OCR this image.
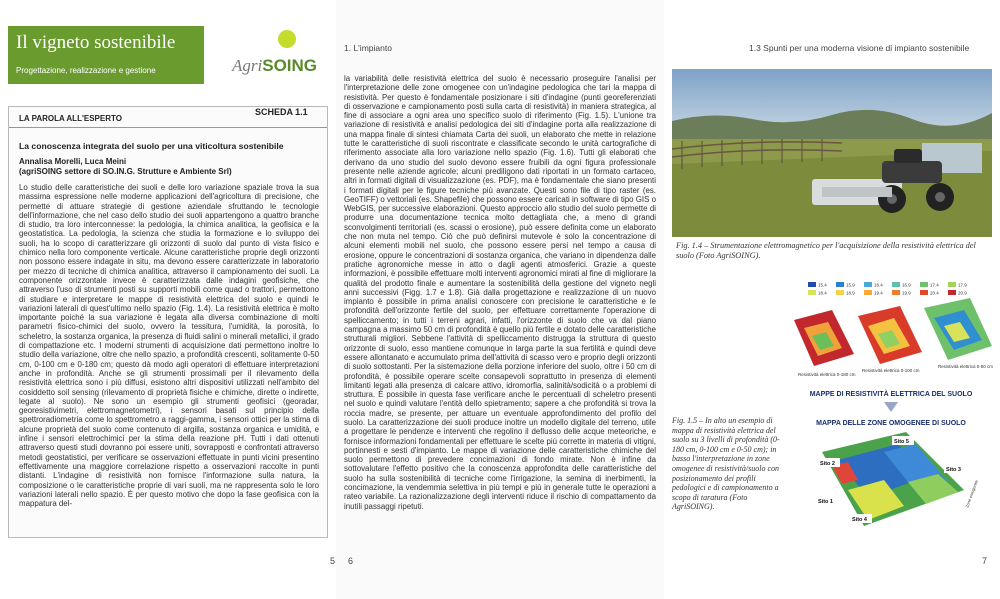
Il vigneto sostenibile
Progettazione, realizzazione e gestione	AgriSOING
LA PAROLA ALL'ESPERTO
SCHEDA 1.1
La conoscenza integrata del suolo per una viticoltura sostenibile
Annalisa Morelli, Luca Meini
(agriSOING settore di SO.IN.G. Strutture e Ambiente Srl)
Lo studio delle caratteristiche dei suoli e delle loro variazione spaziale trova la sua massima espressione nelle moderne applicazioni dell'agricoltura di precisione, che permette di attuare strategie di gestione aziendale sfruttando le tecnologie dell'informazione, che nel caso dello studio dei suoli appartengono a quattro branche di studio, tra loro interconnesse: la pedologia, la chimica analitica, la geofisica e la geostatistica. La pedologia, la scienza che studia la formazione e lo sviluppo dei suoli, ha lo scopo di caratterizzare gli orizzonti di suolo dal punto di vista fisico e chimico nella loro componente verticale. Alcune caratteristiche proprie degli orizzonti non possono essere indagate in situ, ma devono essere caratterizzate in laboratorio per mezzo di tecniche di chimica analitica, attraverso il campionamento dei suoli. La componente orizzontale invece è caratterizzata dalle indagini geofisiche, che attraverso l'uso di strumenti posti su supporti mobili come quad o trattori, permettono di studiare e interpretare le mappe di resistività elettrica del suolo e quindi le variazioni laterali di quest'ultimo nello spazio (Fig. 1.4). La resistività elettrica è molto importante poiché la sua variazione è legata alla diversa combinazione di molti parametri fisico-chimici del suolo, ovvero la tessitura, l'umidità, la porosità, lo scheletro, la sostanza organica, la presenza di fluidi salini o minerali metallici, il grado di compattazione etc. I moderni strumenti di acquisizione dati permettono inoltre lo studio della variazione, oltre che nello spazio, a profondità crescenti, solitamente 0-50 cm, 0-100 cm e 0-180 cm; questo dà modo agli operatori di effettuare interpretazioni anche in profondità. Anche se gli strumenti prossimali per il rilevamento della resistività elettrica sono i più diffusi, esistono altri dispositivi utilizzati nell'ambito del cosiddetto soil sensing (rilevamento di proprietà fisiche e chimiche, dirette o indirette, legate al suolo). Ne sono un esempio gli strumenti geofisici (georadar, georesistivimetri, elettromagnetometri), i sensori basati sul principio della spettroradiometria come lo spettrometro a raggi-gamma, i sensori ottici per la stima di alcune proprietà del suolo come contenuto di argilla, sostanza organica e umidità, e infine i sensori elettrochimici per la stima della reazione pH. Tutti i dati ottenuti attraverso questi studi dovranno poi essere uniti, sovrapposti e confrontati attraverso metodi geostatistici, per verificare se osservazioni effettuate in punti vicini presentino effettivamente una maggiore correlazione rispetto a osservazioni raccolte in punti distanti. L'indagine di resistività non fornisce l'informazione sulla natura, la composizione o le caratteristiche proprie di vari suoli, ma ne rappresenta solo le loro variazioni laterali nello spazio. È per questo motivo che dopo la fase geofisica con la mappatura del-
5
1. L'impianto
la variabilità delle resistività elettrica del suolo è necessario proseguire l'analisi per l'interpretazione delle zone omogenee con un'indagine pedologica che tari la mappa di resistività. Per questo è fondamentale posizionare i siti d'indagine (punti georeferenziati di osservazione e campionamento posti sulla carta di resistività) in maniera strategica, al fine di associare a ogni area uno specifico suolo di riferimento (Fig. 1.5). L'unione tra variazione di resistività e analisi pedologica dei siti d'indagine porta alla realizzazione di una mappa finale di sintesi chiamata Carta dei suoli, un elaborato che mette in relazione tutte le caratteristiche di suoli riscontrate e classificate secondo le unità cartografiche di riferimento associate alla loro variazione nello spazio (Fig. 1.6). Tutti gli elaborati che derivano da uno studio del suolo devono essere fruibili da ogni figura professionale presente nelle aziende agricole; alcuni prediligono dati riportati in un formato cartaceo, altri in formati digitali di visualizzazione (es. PDF), ma è fondamentale che siano presenti i formati digitali per le figure tecniche più avanzate. Questi sono file di tipo raster (es. GeoTIFF) o vettoriali (es. Shapefile) che possono essere caricati in software di tipo GIS o WebGIS, per successive elaborazioni. Questo approccio allo studio del suolo permette di produrre una documentazione tecnica molto dettagliata che, a meno di grandi sconvolgimenti territoriali (es. scassi o erosione), può essere definita come un elaborato che non muta nel tempo. Ciò che può definirsi mutevole è solo la concentrazione di alcuni elementi mobili nel suolo, che possono essere persi nel tempo a causa di erosione, oppure le concentrazioni di sostanza organica, che variano in dipendenza dalle pratiche agronomiche messe in atto o dagli agenti atmosferici. Grazie a queste informazioni, è possibile effettuare molti interventi agronomici mirati al fine di migliorare la qualità del prodotto finale e aumentare la sostenibilità della gestione del vigneto negli anni successivi (Figg. 1.7 e 1.8). Già dalla progettazione e realizzazione di un nuovo impianto è possibile in prima analisi conoscere con precisione le caratteristiche e le profondità dell'orizzonte fertile del suolo, per effettuare correttamente l'operazione di spelliccamento; in tutti i terreni agrari, infatti, l'orizzonte di suolo che va dal piano campagna a massimo 50 cm di profondità è quello più fertile e dotato delle caratteristiche strutturali migliori. Sebbene l'attività di spelliccamento distrugga la struttura di questo orizzonte di suolo, esso mantiene comunque in larga parte la sua fertilità e quindi deve essere allontanato e accumulato prima dell'attività di scasso vero e proprio degli orizzonti di suolo sottostanti. Per la sistemazione della porzione inferiore del suolo, oltre i 50 cm di profondità, è possibile operare scelte consapevoli soprattutto in presenza di elementi limitanti legati alla presenza di calcare attivo, idromorfia, salinità/sodicità o a problemi di struttura. È possibile in questa fase verificare anche le percentuali di scheletro presenti nel suolo e quindi valutare l'entità dello spietramento; sapere a che profondità si trova la roccia madre, se presente, per attuare un eventuale approfondimento del profilo del suolo. La caratterizzazione dei suoli produce inoltre un modello digitale del terreno, utile a progettare le pendenze e interventi che regolino il deflusso delle acque meteoriche, e fornisce informazioni fondamentali per effettuare le scelte più corrette in materia di vitigni, portinnesti e sesti d'impianto. Le mappe di variazione delle caratteristiche chimiche del suolo permettono di prevedere concimazioni di fondo mirate. Non è infine da sottovalutare l'effetto positivo che la conoscenza approfondita delle caratteristiche del suolo ha sulla sostenibilità di tecniche come l'irrigazione, la semina di inerbimenti, la concimazione, la vendemmia selettiva in più tempi e più in generale tutte le operazioni a rateo variabile. La razionalizzazione degli interventi riduce il rischio di compattamento da inutili passaggi ripetuti.
6
1.3 Spunti per una moderna visione di impianto sostenibile
Fig. 1.4 – Strumentazione elettromagnetico per l'acquisizione della resistività elettrica del suolo (Foto AgriSOING).
Fig. 1.5 – In alto un esempio di mappa di resistività elettrica del suolo su 3 livelli di profondità (0-180 cm, 0-100 cm e 0-50 cm); in basso l'interpretazione in zone omogenee di resistività/suolo con posizionamento dei profili pedologici e di campionamento a scopo di taratura (Foto AgriSOING).
15.4	15.9	16.4	16.9	17.4	17.9
18.4	18.9	19.4	19.9	20.4	20.9
Resistività elettrica 0-180 cm
Resistività elettrica 0-100 cm
Resistività elettrica 0-50 cm
MAPPE DI RESISTIVITÀ ELETTRICA DEL SUOLO
MAPPA DELLE ZONE OMOGENEE DI SUOLO
Sito 5
Sito 2
Sito 3
Sito 1
Sito 4
Zone omogenee
7
